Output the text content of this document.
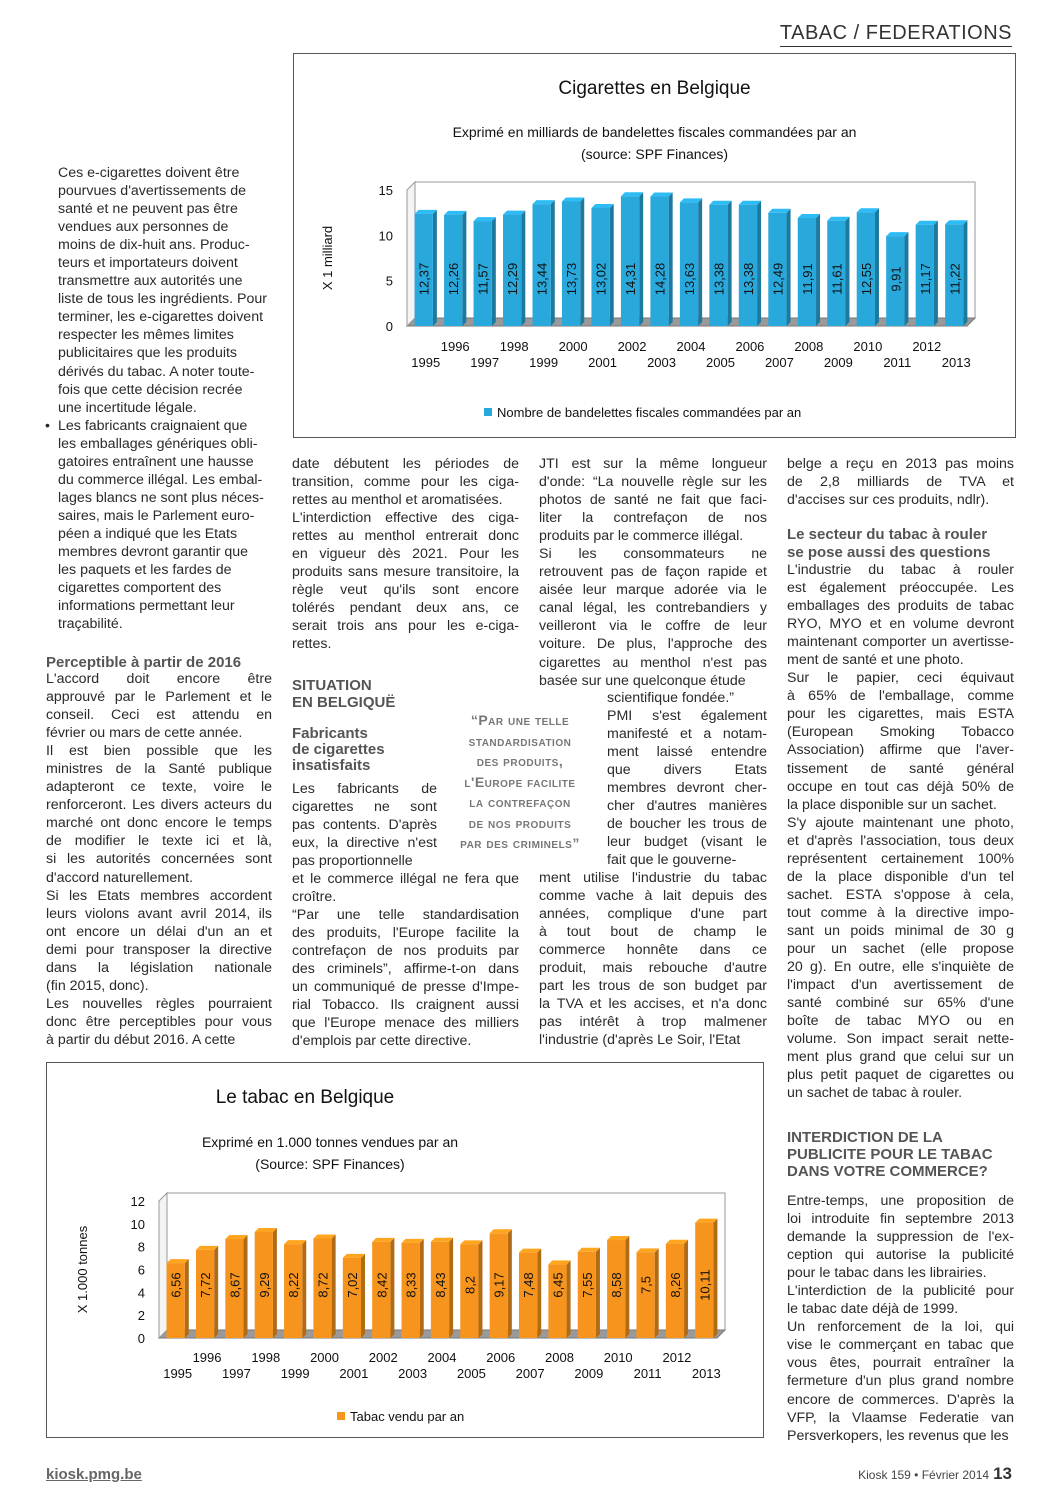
TABAC / FEDERATIONS
Cigarettes en Belgique
Exprimé en milliards de bandelettes fiscales commandées par an
(source: SPF Finances)
0
5
10
15
X 1 milliard	12,37
1995
12,26
1996
11,57
1997
12,29
1998
13,44
1999
13,73
2000
13,02
2001
14,31
2002
14,28
2003
13,63
2004
13,38
2005
13,38
2006
12,49
2007
11,91
2008
11,61
2009
12,55
2010
9,91
2011
11,17
2012
11,22
2013
Nombre de bandelettes fiscales commandées par an
Le tabac en Belgique
Exprimé en 1.000 tonnes vendues par an
(Source: SPF Finances)
0
2
4
6
8
10
12
X 1.000 tonnes	6,56
1995
7,72
1996
8,67
1997
9,29
1998
8,22
1999
8,72
2000
7,02
2001
8,42
2002
8,33
2003
8,43
2004
8,2
2005
9,17
2006
7,48
2007
6,45
2008
7,55
2009
8,58
2010
7,5
2011
8,26
2012
10,11
2013
Tabac vendu par an
Ces e-cigarettes doivent être
pourvues d'avertissements de
santé et ne peuvent pas être
vendues aux personnes de
moins de dix-huit ans. Produc-
teurs et importateurs doivent
transmettre aux autorités une
liste de tous les ingrédients. Pour
terminer, les e-cigarettes doivent
respecter les mêmes limites
publicitaires que les produits
dérivés du tabac. A noter toute-
fois que cette décision recrée
une incertitude légale.
• Les fabricants craignaient que
les emballages génériques obli-
gatoires entraînent une hausse
du commerce illégal. Les embal-
lages blancs ne sont plus néces-
saires, mais le Parlement euro-
péen a indiqué que les Etats
membres devront garantir que
les paquets et les fardes de
cigarettes comportent des
informations permettant leur
traçabilité.
Perceptible à partir de 2016
L'accord doit encore être
approuvé par le Parlement et le
conseil. Ceci est attendu en
février ou mars de cette année.
Il est bien possible que les
ministres de la Santé publique
adapteront ce texte, voire le
renforceront. Les divers acteurs du
marché ont donc encore le temps
de modifier le texte ici et là,
si les autorités concernées sont
d'accord naturellement.
Si les Etats membres accordent
leurs violons avant avril 2014, ils
ont encore un délai d'un an et
demi pour transposer la directive
dans la législation nationale
(fin 2015, donc).
Les nouvelles règles pourraient
donc être perceptibles pour vous
à partir du début 2016. A cette
date débutent les périodes de
transition, comme pour les ciga-
rettes au menthol et aromatisées.
L'interdiction effective des ciga-
rettes au menthol entrerait donc
en vigueur dès 2021. Pour les
produits sans mesure transitoire, la
règle veut qu'ils sont encore
tolérés pendant deux ans, ce
serait trois ans pour les e-ciga-
rettes.
SITUATION
EN BELGIQUË
Fabricants
de cigarettes
insatisfaits
Les fabricants de
cigarettes ne sont
pas contents. D'après
eux, la directive n'est
pas proportionnelle
et le commerce illégal ne fera que
croître.
“Par une telle standardisation
des produits, l'Europe facilite la
contrefaçon de nos produits par
des criminels”, affirme-t-on dans
un communiqué de presse d'Impe-
rial Tobacco. Ils craignent aussi
que l'Europe menace des milliers
d'emplois par cette directive.
“Par une telle
standardisation
des produits,
l'Europe facilite
la contrefaçon
de nos produits
par des criminels”
JTI est sur la même longueur
d'onde: “La nouvelle règle sur les
photos de santé ne fait que faci-
liter la contrefaçon de nos
produits par le commerce illégal.
Si les consommateurs ne
retrouvent pas de façon rapide et
aisée leur marque adorée via le
canal légal, les contrebandiers y
veilleront via le coffre de leur
voiture. De plus, l'approche des
cigarettes au menthol n'est pas
basée sur une quelconque étude
scientifique fondée.”
PMI s'est également
manifesté et a notam-
ment laissé entendre
que divers Etats
membres devront cher-
cher d'autres manières
de boucher les trous de
leur budget (visant le
fait que le gouverne-
ment utilise l'industrie du tabac
comme vache à lait depuis des
années, complique d'une part
à tout bout de champ le
commerce honnête dans ce
produit, mais rebouche d'autre
part les trous de son budget par
la TVA et les accises, et n'a donc
pas intérêt à trop malmener
l'industrie (d'après Le Soir, l'Etat
belge a reçu en 2013 pas moins
de 2,8 milliards de TVA et
d'accises sur ces produits, ndlr).
Le secteur du tabac à rouler
se pose aussi des questions
L'industrie du tabac à rouler
est également préoccupée. Les
emballages des produits de tabac
RYO, MYO et en volume devront
maintenant comporter un avertisse-
ment de santé et une photo.
Sur le papier, ceci équivaut
à 65% de l'emballage, comme
pour les cigarettes, mais ESTA
(European Smoking Tobacco
Association) affirme que l'aver-
tissement de santé général
occupe en tout cas déjà 50% de
la place disponible sur un sachet.
S'y ajoute maintenant une photo,
et d'après l'association, tous deux
représentent certainement 100%
de la place disponible d'un tel
sachet. ESTA s'oppose à cela,
tout comme à la directive impo-
sant un poids minimal de 30 g
pour un sachet (elle propose
20 g). En outre, elle s'inquiète de
l'impact d'un avertissement de
santé combiné sur 65% d'une
boîte de tabac MYO ou en
volume. Son impact serait nette-
ment plus grand que celui sur un
plus petit paquet de cigarettes ou
un sachet de tabac à rouler.
INTERDICTION DE LA
PUBLICITE POUR LE TABAC
DANS VOTRE COMMERCE?
Entre-temps, une proposition de
loi introduite fin septembre 2013
demande la suppression de l'ex-
ception qui autorise la publicité
pour le tabac dans les librairies.
L'interdiction de la publicité pour
le tabac date déjà de 1999.
Un renforcement de la loi, qui
vise le commerçant en tabac que
vous êtes, pourrait entraîner la
fermeture d'un plus grand nombre
encore de commerces. D'après la
VFP, la Vlaamse Federatie van
Persverkopers, les revenus que les
kiosk.pmg.be	Kiosk 159 • Février 2014 13
